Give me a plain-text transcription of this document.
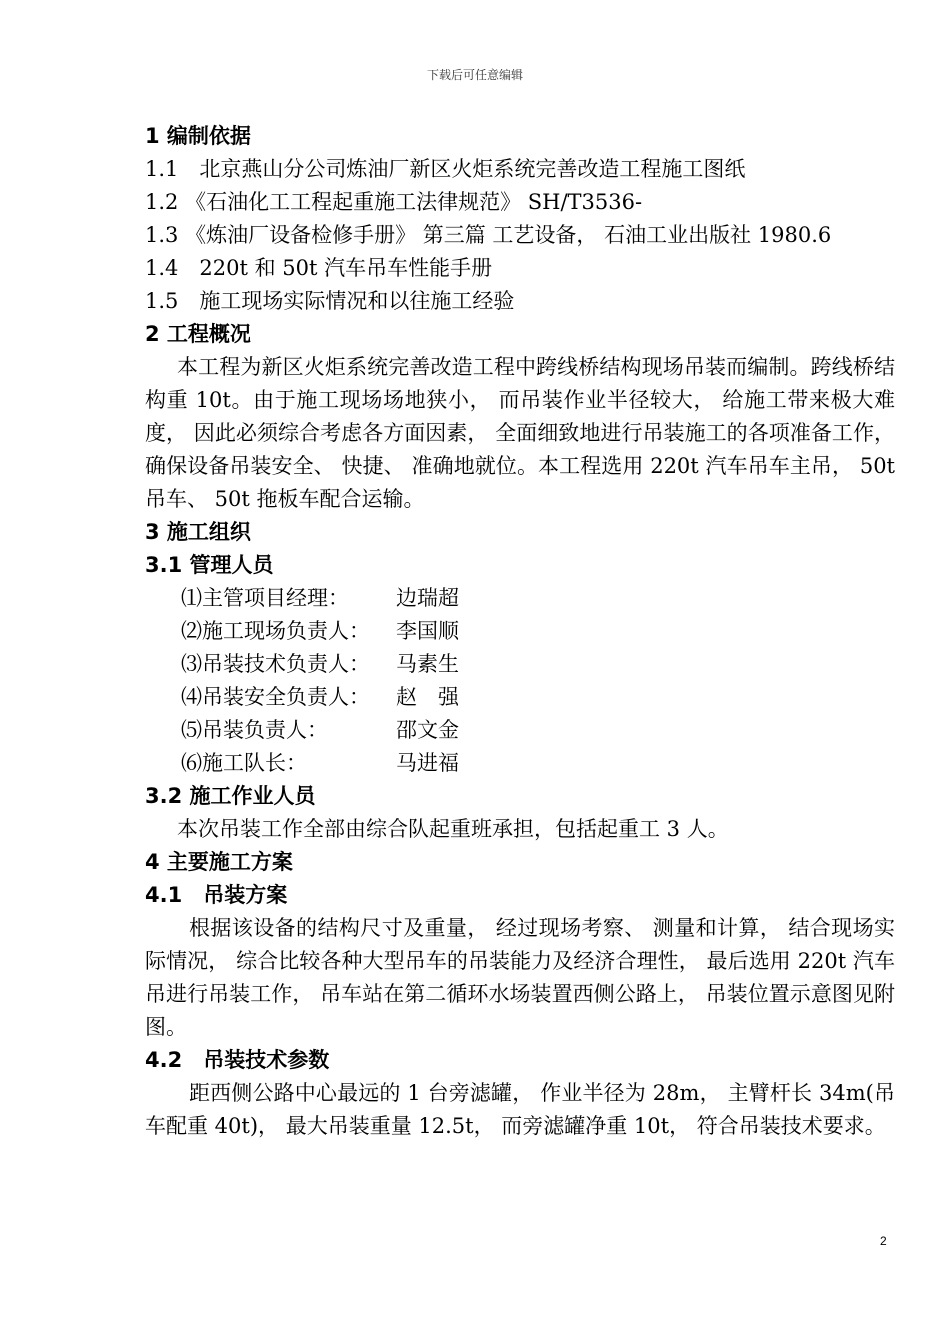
下载后可任意编辑
1 编制依据
1.1　北京燕山分公司炼油厂新区火炬系统完善改造工程施工图纸
1.2 《石油化工工程起重施工法律规范》 SH/T3536-
1.3 《炼油厂设备检修手册》 第三篇 工艺设备， 石油工业出版社 1980.6
1.4　220t 和 50t 汽车吊车性能手册
1.5　施工现场实际情况和以往施工经验
2 工程概况
本工程为新区火炬系统完善改造工程中跨线桥结构现场吊装而编制。跨线桥结构重 10t。由于施工现场场地狭小， 而吊装作业半径较大， 给施工带来极大难度， 因此必须综合考虑各方面因素， 全面细致地进行吊装施工的各项准备工作， 确保设备吊装安全、 快捷、 准确地就位。本工程选用 220t 汽车吊车主吊， 50t 吊车、 50t 拖板车配合运输。
3 施工组织
3.1 管理人员
⑴主管项目经理：	边瑞超
⑵施工现场负责人：	李国顺
⑶吊装技术负责人：	马素生
⑷吊装安全负责人：	赵　强
⑸吊装负责人：	邵文金
⑹施工队长：	马进福
3.2 施工作业人员
本次吊装工作全部由综合队起重班承担，包括起重工 3 人。
4 主要施工方案
4.1　吊装方案
根据该设备的结构尺寸及重量， 经过现场考察、 测量和计算， 结合现场实际情况， 综合比较各种大型吊车的吊装能力及经济合理性， 最后选用 220t 汽车吊进行吊装工作， 吊车站在第二循环水场装置西侧公路上， 吊装位置示意图见附图。
4.2　吊装技术参数
距西侧公路中心最远的 1 台旁滤罐， 作业半径为 28m， 主臂杆长 34m(吊车配重 40t)， 最大吊装重量 12.5t， 而旁滤罐净重 10t， 符合吊装技术要求。
2
